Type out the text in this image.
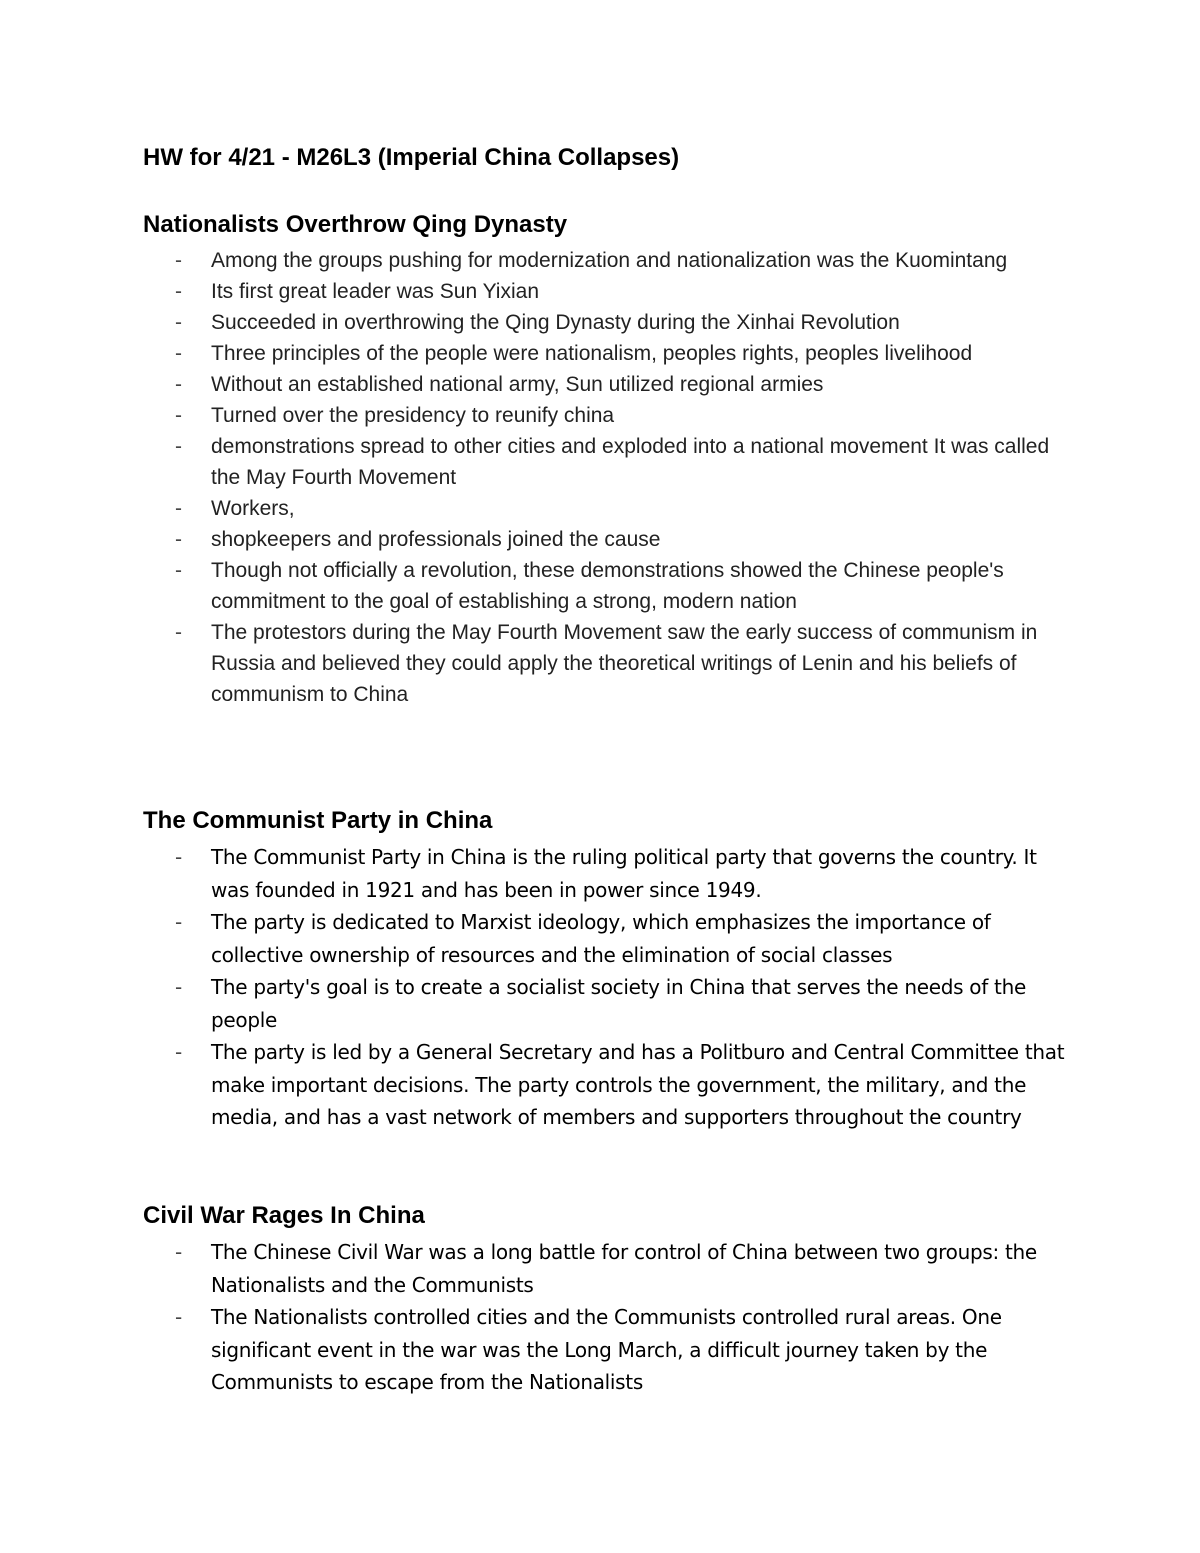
HW for 4/21 - M26L3 (Imperial China Collapses)
Nationalists Overthrow Qing Dynasty
- Among the groups pushing for modernization and nationalization was the Kuomintang
- Its first great leader was Sun Yixian
- Succeeded in overthrowing the Qing Dynasty during the Xinhai Revolution
- Three principles of the people were nationalism, peoples rights, peoples livelihood
- Without an established national army, Sun utilized regional armies
- Turned over the presidency to reunify china
- demonstrations spread to other cities and exploded into a national movement It was called the May Fourth Movement
- Workers,
- shopkeepers and professionals joined the cause
- Though not officially a revolution, these demonstrations showed the Chinese people's commitment to the goal of establishing a strong, modern nation
- The protestors during the May Fourth Movement saw the early success of communism in Russia and believed they could apply the theoretical writings of Lenin and his beliefs of communism to China
The Communist Party in China
- The Communist Party in China is the ruling political party that governs the country. It was founded in 1921 and has been in power since 1949.
- The party is dedicated to Marxist ideology, which emphasizes the importance of collective ownership of resources and the elimination of social classes
- The party's goal is to create a socialist society in China that serves the needs of the people
- The party is led by a General Secretary and has a Politburo and Central Committee that make important decisions. The party controls the government, the military, and the media, and has a vast network of members and supporters throughout the country
Civil War Rages In China
- The Chinese Civil War was a long battle for control of China between two groups: the Nationalists and the Communists
- The Nationalists controlled cities and the Communists controlled rural areas. One significant event in the war was the Long March, a difficult journey taken by the Communists to escape from the Nationalists
